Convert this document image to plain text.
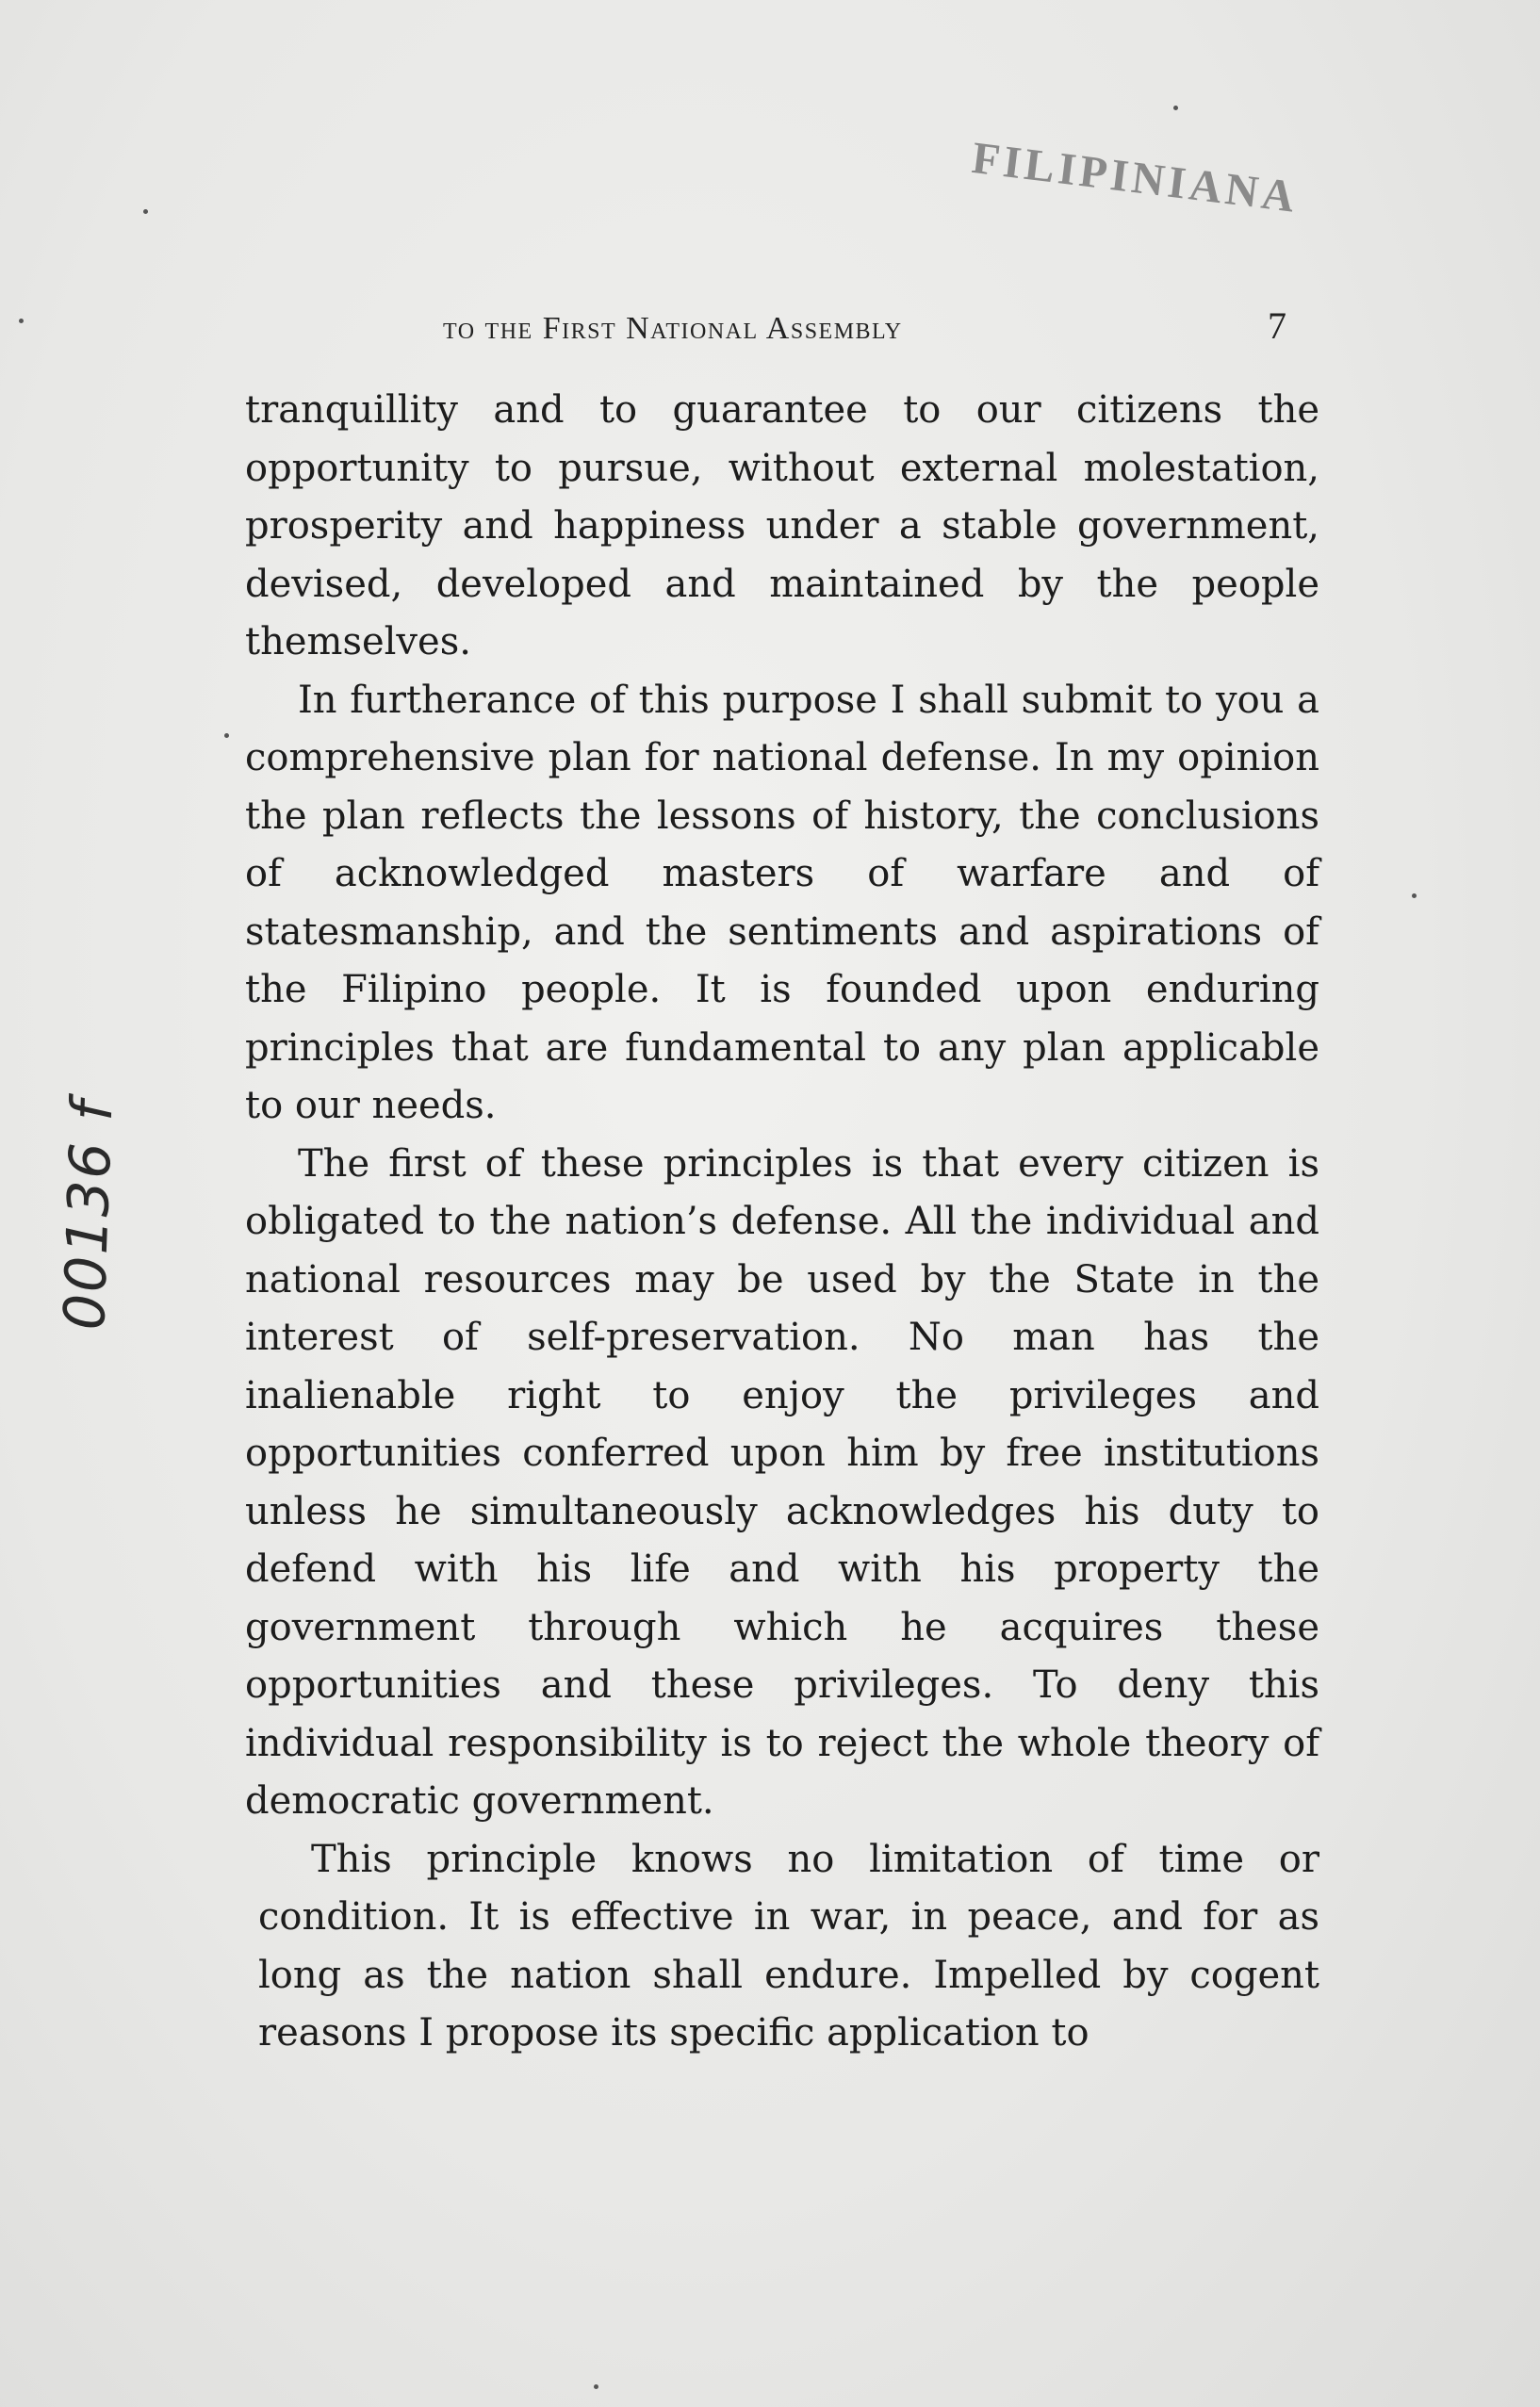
FILIPINIANA
to the First National Assembly	7
00136 f

tranquillity and to guarantee to our citizens the opportunity to pursue, without external molestation, prosperity and happiness under a stable government, devised, developed and maintained by the people themselves.

In furtherance of this purpose I shall submit to you a comprehensive plan for national defense. In my opinion the plan reflects the lessons of history, the conclusions of acknowledged masters of warfare and of statesmanship, and the sentiments and aspirations of the Filipino people. It is founded upon enduring principles that are fundamental to any plan applicable to our needs.

The first of these principles is that every citizen is obligated to the nation’s defense. All the individual and national resources may be used by the State in the interest of self-preservation. No man has the inalienable right to enjoy the privileges and opportunities conferred upon him by free institutions unless he simultaneously acknowledges his duty to defend with his life and with his property the government through which he acquires these opportunities and these privileges. To deny this individual responsibility is to reject the whole theory of democratic government.

This principle knows no limitation of time or condition. It is effective in war, in peace, and for as long as the nation shall endure. Impelled by cogent reasons I propose its specific application to
